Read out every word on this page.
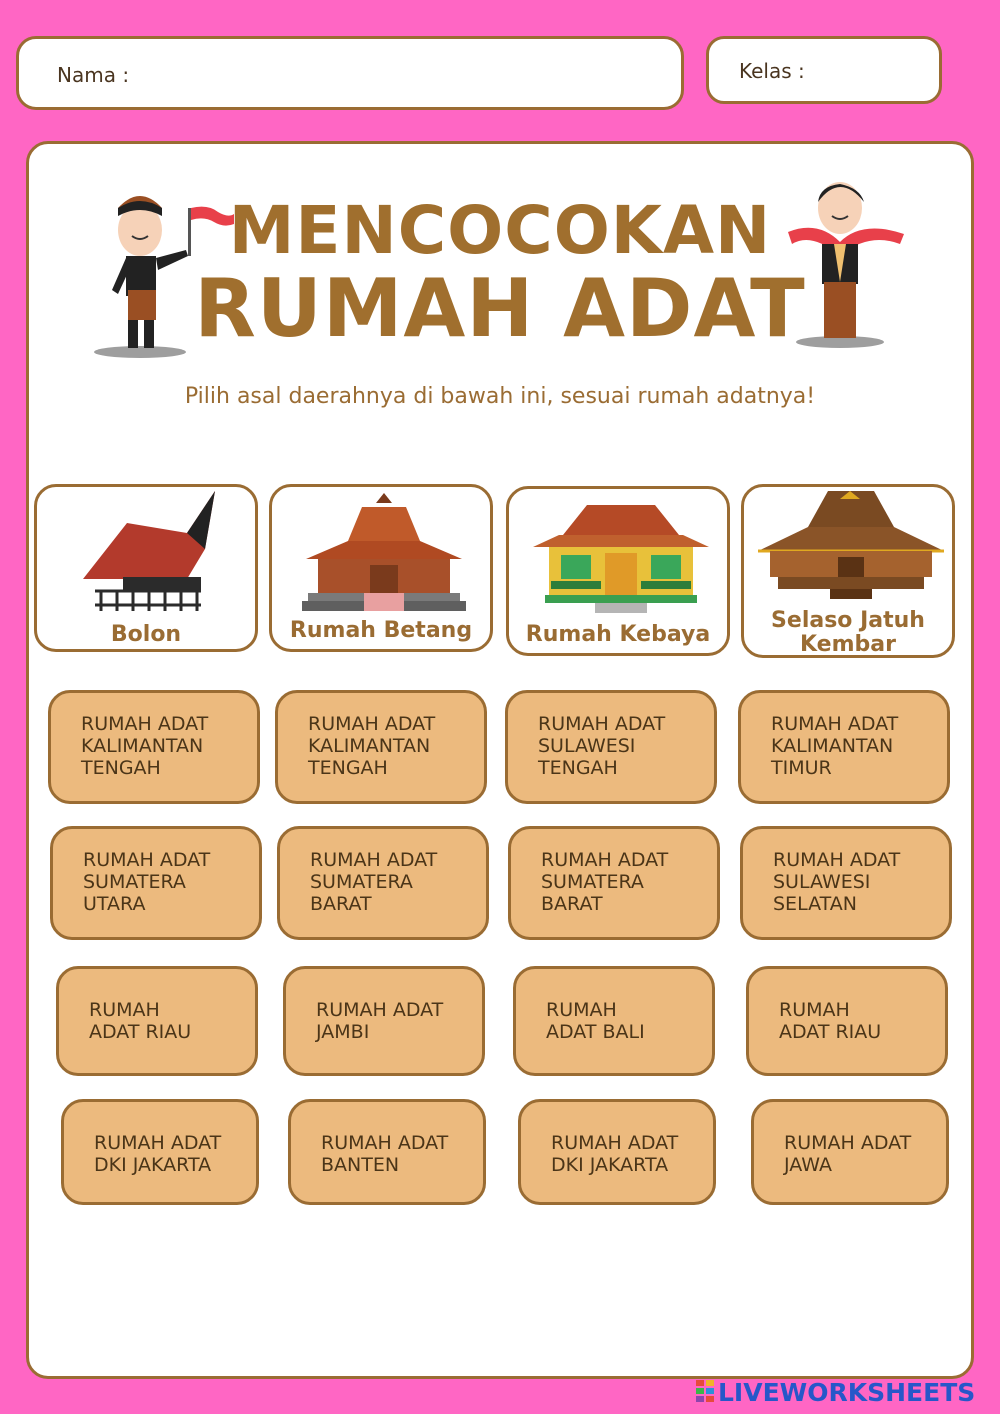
Nama :	Kelas :
MENCOCOKAN
RUMAH ADAT
Pilih asal daerahnya di bawah ini, sesuai rumah adatnya!
Bolon	Rumah Betang	Rumah Kebaya
Selaso Jatuh
Kembar
RUMAH ADAT
KALIMANTAN
TENGAH
RUMAH ADAT
KALIMANTAN
TENGAH
RUMAH ADAT
SULAWESI
TENGAH
RUMAH ADAT
KALIMANTAN
TIMUR
RUMAH ADAT
SUMATERA
UTARA
RUMAH ADAT
SUMATERA
BARAT
RUMAH ADAT
SUMATERA
BARAT
RUMAH ADAT
SULAWESI
SELATAN
RUMAH
ADAT RIAU
RUMAH ADAT
JAMBI
RUMAH
ADAT BALI
RUMAH
ADAT RIAU
RUMAH ADAT
DKI JAKARTA
RUMAH ADAT
BANTEN
RUMAH ADAT
DKI JAKARTA
RUMAH ADAT
JAWA
LIVEWORKSHEETS
